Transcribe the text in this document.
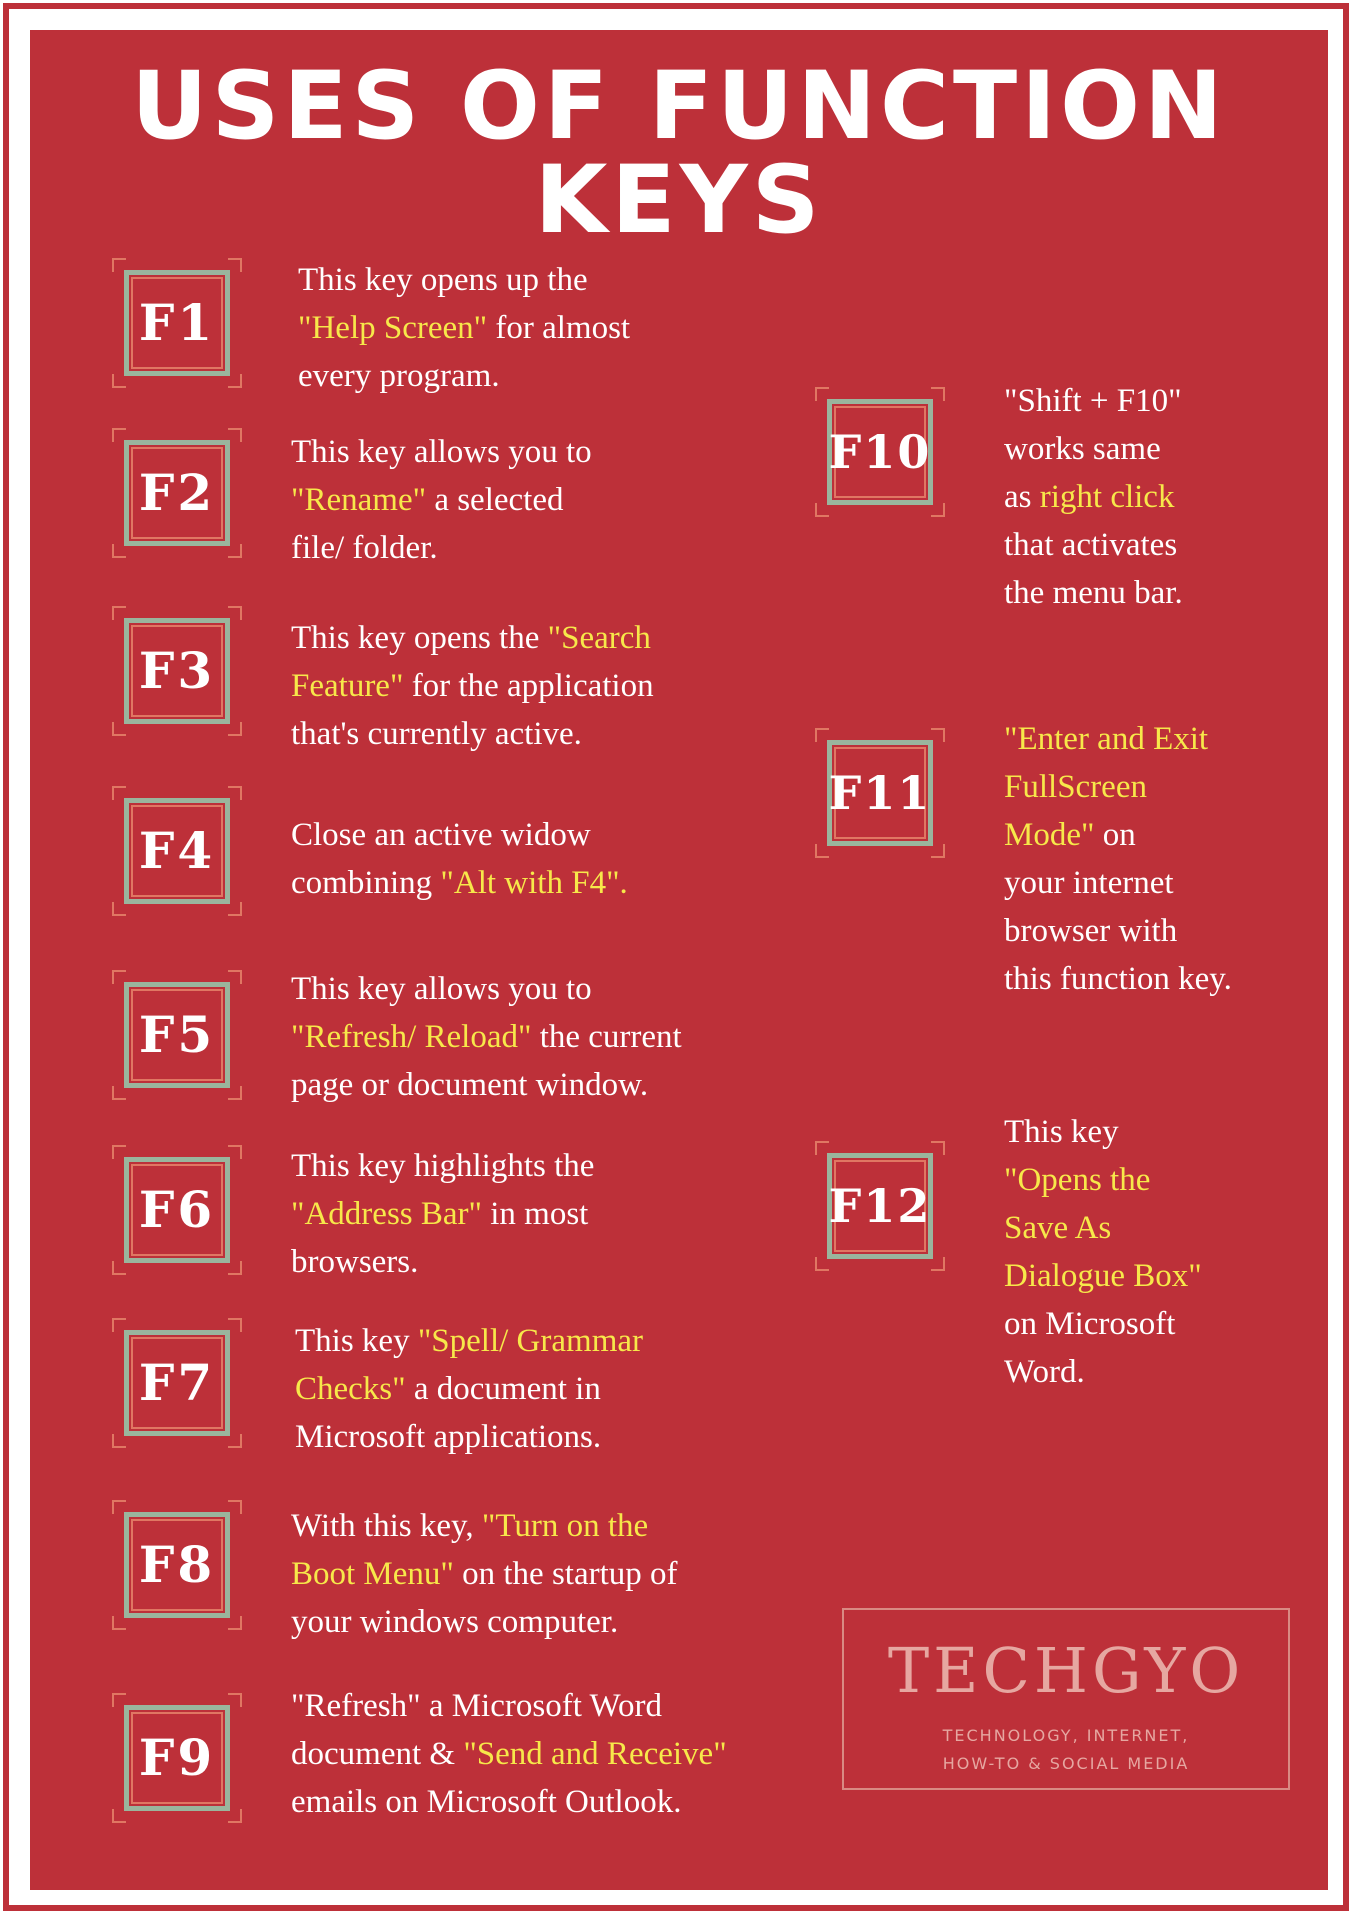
USES OF FUNCTION KEYS
F1

This key opens up the
"Help Screen" for almost
every program.

F2

This key allows you to
"Rename" a selected
file/ folder.

F3

This key opens the "Search
Feature" for the application
that's currently active.

F4	Close an active widow
combining "Alt with F4".

F5

This key allows you to
"Refresh/ Reload" the current
page or document window.

F6

This key highlights the
"Address Bar" in most
browsers.

F7

This key "Spell/ Grammar
Checks" a document in
Microsoft applications.

F8

With this key, "Turn on the
Boot Menu" on the startup of
your windows computer.

F9

"Refresh" a Microsoft Word
document & "Send and Receive"
emails on Microsoft Outlook.

F10

"Shift + F10"
works same
as right click
that activates
the menu bar.

F11

"Enter and Exit
FullScreen
Mode" on
your internet
browser with
this function key.

F12

This key
"Opens the
Save As
Dialogue Box"
on Microsoft
Word.

TECHGYO
TECHNOLOGY, INTERNET,
HOW-TO & SOCIAL MEDIA
